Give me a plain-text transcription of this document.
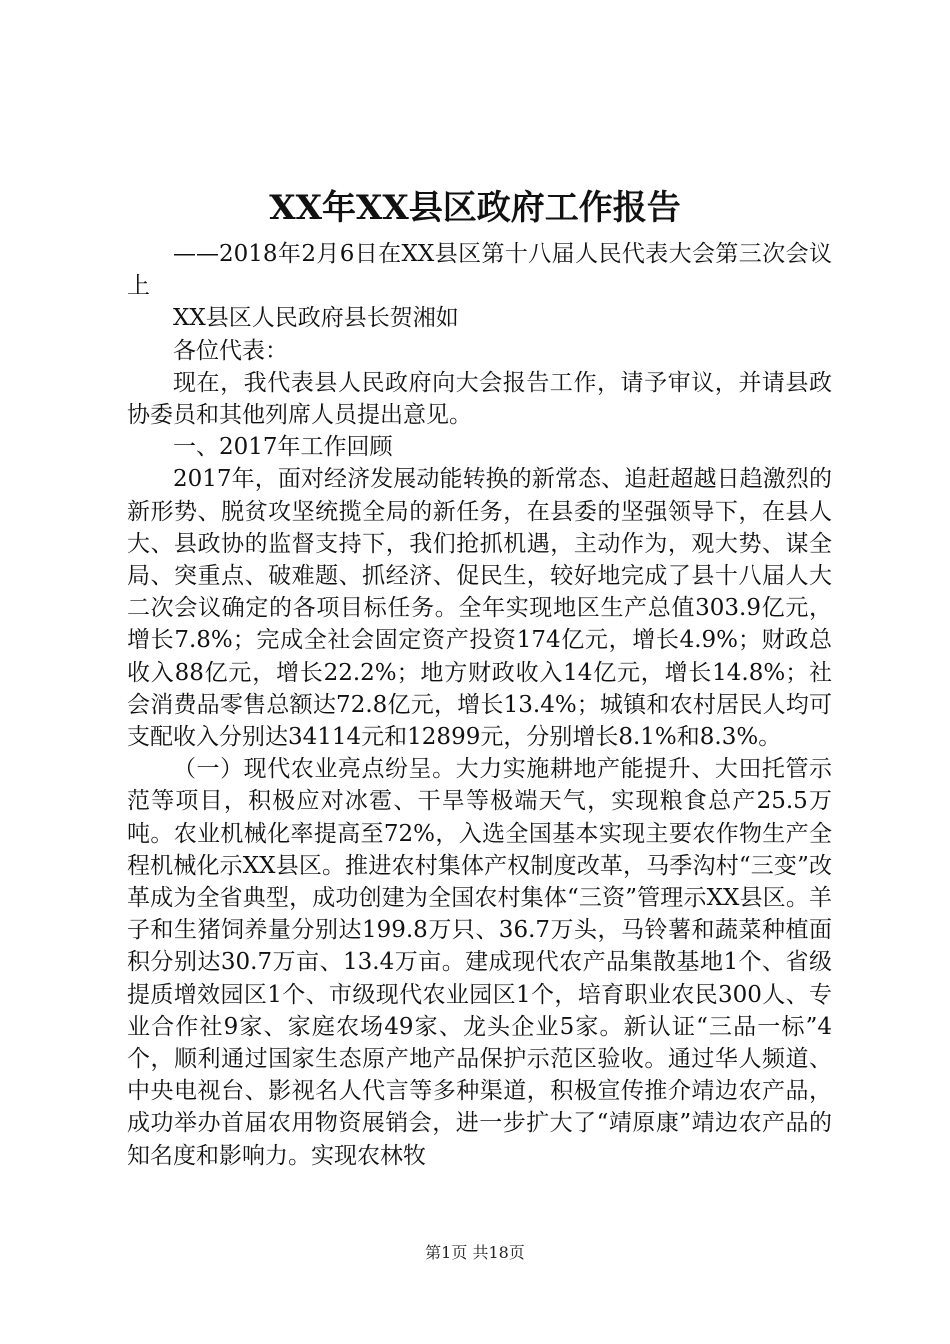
XX年XX县区政府工作报告

——2018年2月6日在XX县区第十八届人民代表大会第三次会议上

XX县区人民政府县长贺湘如

各位代表：

现在，我代表县人民政府向大会报告工作，请予审议，并请县政协委员和其他列席人员提出意见。

一、2017年工作回顾

2017年，面对经济发展动能转换的新常态、追赶超越日趋激烈的新形势、脱贫攻坚统揽全局的新任务，在县委的坚强领导下，在县人大、县政协的监督支持下，我们抢抓机遇，主动作为，观大势、谋全局、突重点、破难题、抓经济、促民生，较好地完成了县十八届人大二次会议确定的各项目标任务。全年实现地区生产总值303.9亿元，增长7.8%；完成全社会固定资产投资174亿元，增长4.9%；财政总收入88亿元，增长22.2%；地方财政收入14亿元，增长14.8%；社会消费品零售总额达72.8亿元，增长13.4%；城镇和农村居民人均可支配收入分别达34114元和12899元，分别增长8.1%和8.3%。

（一）现代农业亮点纷呈。大力实施耕地产能提升、大田托管示范等项目，积极应对冰雹、干旱等极端天气，实现粮食总产25.5万吨。农业机械化率提高至72%，入选全国基本实现主要农作物生产全程机械化示XX县区。推进农村集体产权制度改革，马季沟村“三变”改革成为全省典型，成功创建为全国农村集体“三资”管理示XX县区。羊子和生猪饲养量分别达199.8万只、36.7万头，马铃薯和蔬菜种植面积分别达30.7万亩、13.4万亩。建成现代农产品集散基地1个、省级提质增效园区1个、市级现代农业园区1个，培育职业农民300人、专业合作社9家、家庭农场49家、龙头企业5家。新认证“三品一标”4个，顺利通过国家生态原产地产品保护示范区验收。通过华人频道、中央电视台、影视名人代言等多种渠道，积极宣传推介靖边农产品，成功举办首届农用物资展销会，进一步扩大了“靖原康”靖边农产品的知名度和影响力。实现农林牧

第1页 共18页
